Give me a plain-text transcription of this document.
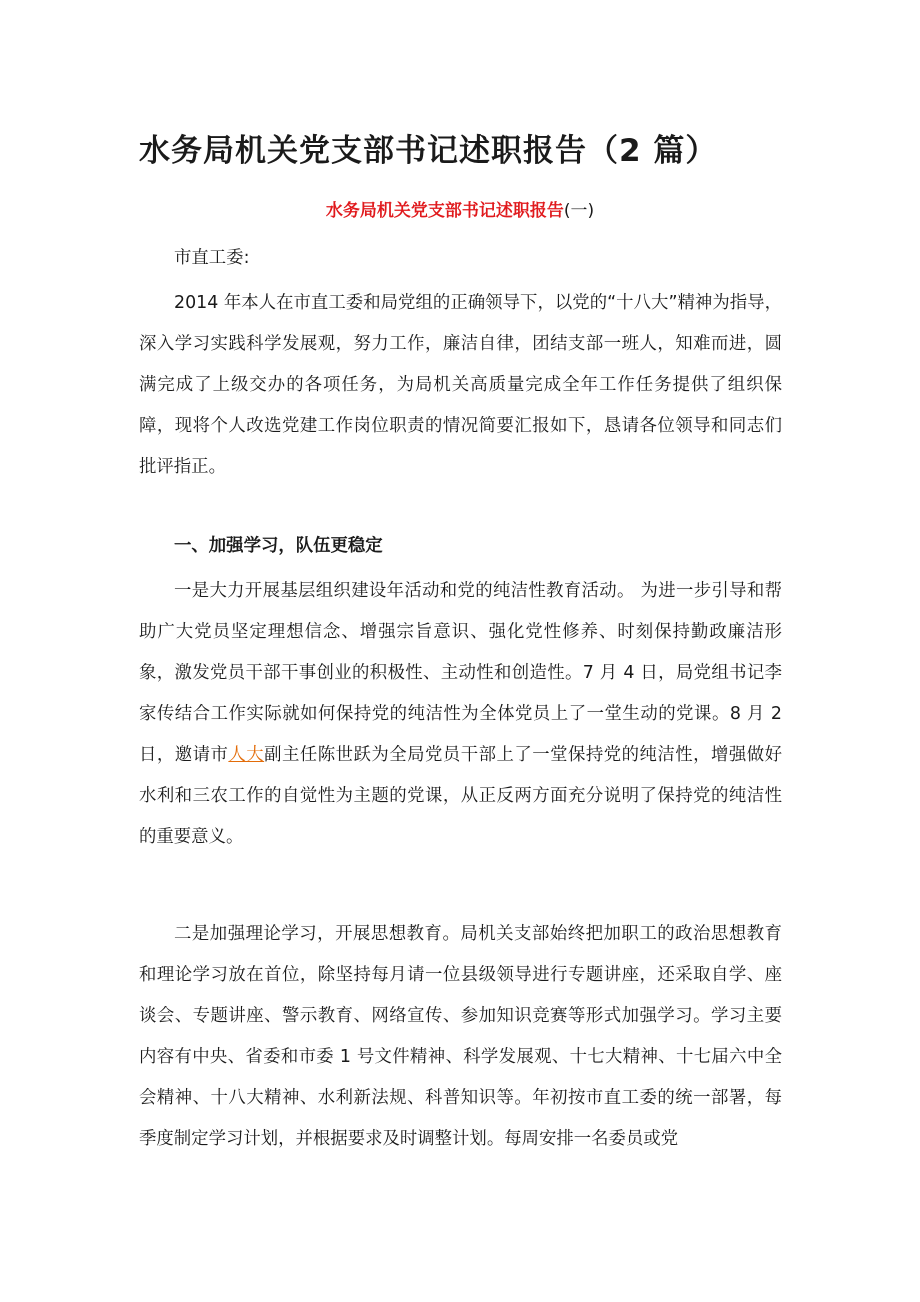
水务局机关党支部书记述职报告（2 篇）

水务局机关党支部书记述职报告(一)

市直工委:

2014 年本人在市直工委和局党组的正确领导下，以党的“十八大”精神为指导，深入学习实践科学发展观，努力工作，廉洁自律，团结支部一班人，知难而进，圆满完成了上级交办的各项任务，为局机关高质量完成全年工作任务提供了组织保障，现将个人改选党建工作岗位职责的情况简要汇报如下，恳请各位领导和同志们批评指正。

一、加强学习，队伍更稳定

一是大力开展基层组织建设年活动和党的纯洁性教育活动。 为进一步引导和帮助广大党员坚定理想信念、增强宗旨意识、强化党性修养、时刻保持勤政廉洁形象，激发党员干部干事创业的积极性、主动性和创造性。7 月 4 日，局党组书记李家传结合工作实际就如何保持党的纯洁性为全体党员上了一堂生动的党课。8 月 2 日，邀请市人大副主任陈世跃为全局党员干部上了一堂保持党的纯洁性，增强做好水利和三农工作的自觉性为主题的党课，从正反两方面充分说明了保持党的纯洁性的重要意义。

二是加强理论学习，开展思想教育。局机关支部始终把加职工的政治思想教育和理论学习放在首位，除坚持每月请一位县级领导进行专题讲座，还采取自学、座谈会、专题讲座、警示教育、网络宣传、参加知识竞赛等形式加强学习。学习主要内容有中央、省委和市委 1 号文件精神、科学发展观、十七大精神、十七届六中全会精神、十八大精神、水利新法规、科普知识等。年初按市直工委的统一部署，每季度制定学习计划，并根据要求及时调整计划。每周安排一名委员或党
